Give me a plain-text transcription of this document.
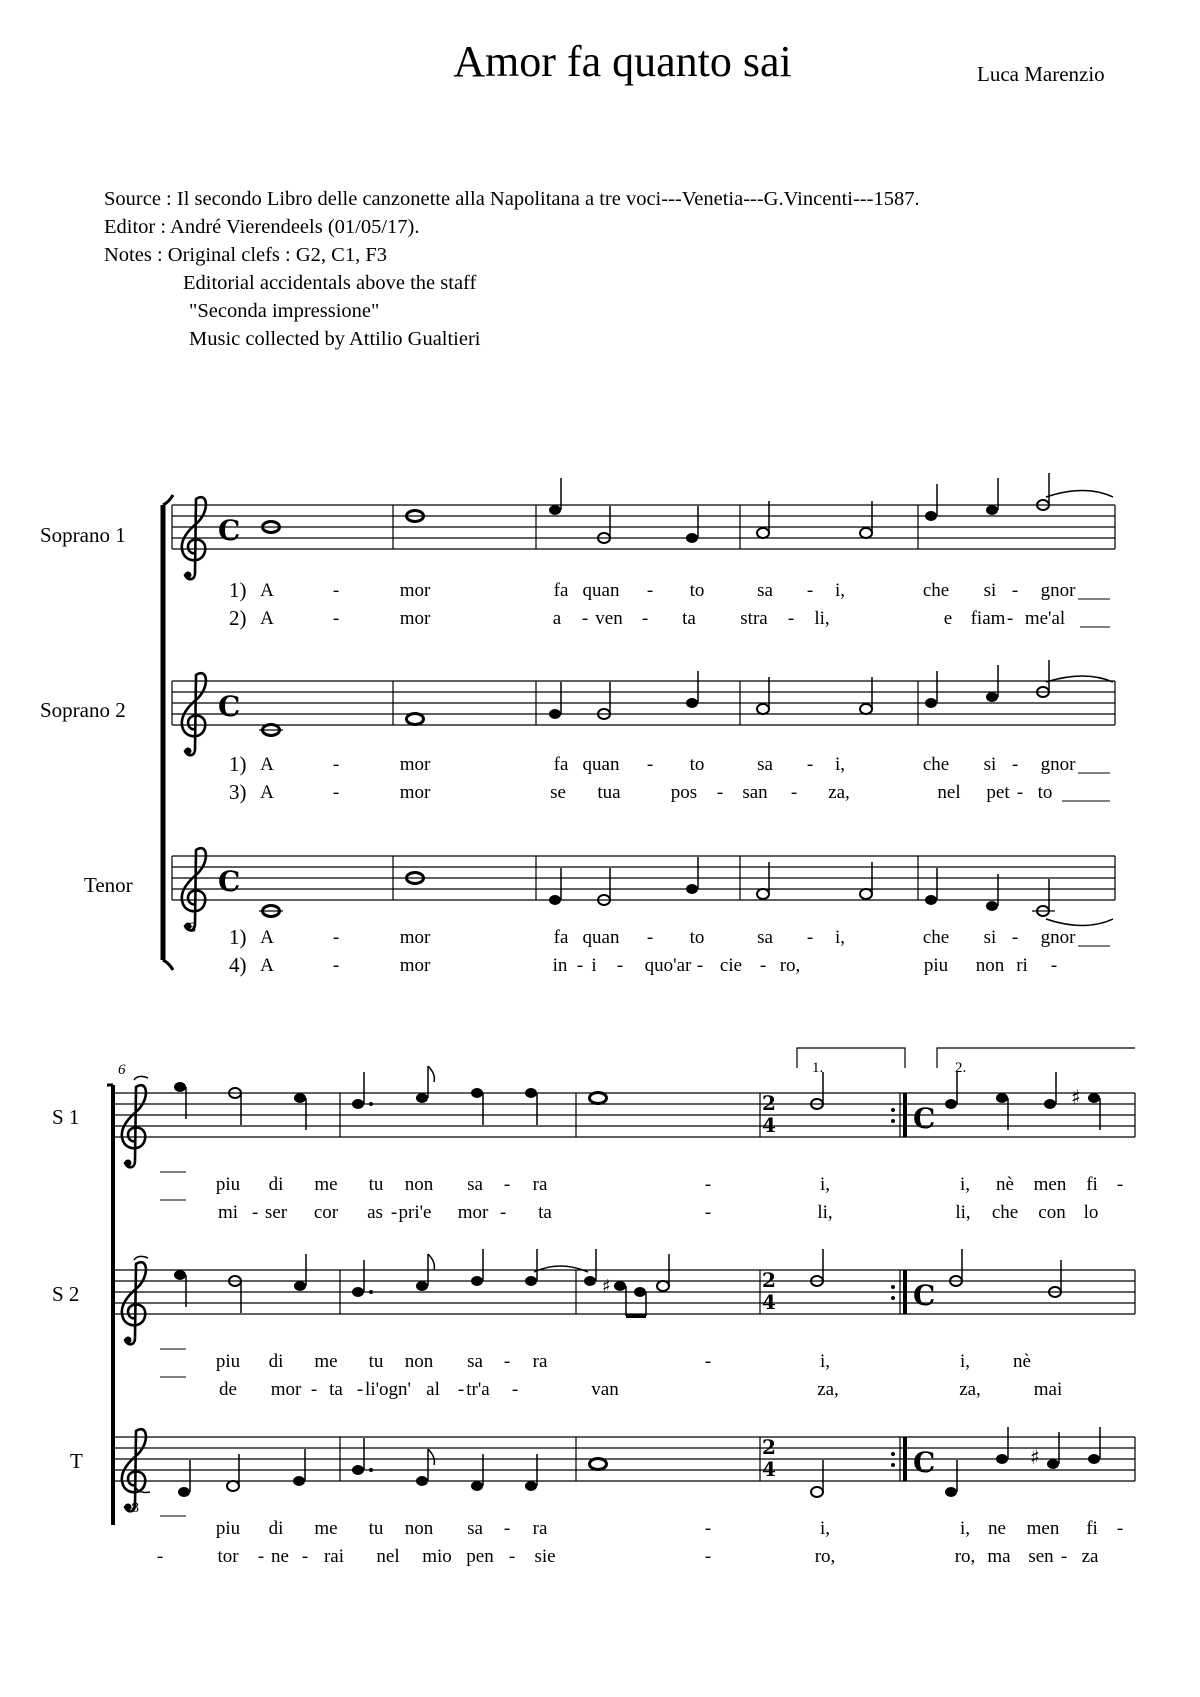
Amor fa quanto sai	Luca Marenzio
Source : Il secondo Libro delle canzonette alla Napolitana a tre voci---Venetia---G.Vincenti---1587.
Editor : André Vierendeels (01/05/17).
Notes : Original clefs : G2, C1, F3
Editorial accidentals above the staff
"Seconda impressione"
Music collected by Attilio Gualtieri
C
C
8
C
2
4	C
♯
♯	2
4	C
8
2
4	C	♯
Soprano 1
Soprano 2
Tenor
S 1
S 2
T
6	1.	2.
1)
2)
1)
3)
1)
4)
A	-	mor	fa quan - to	sa - i,	che si - gnor
A	-	mor	a - ven - ta stra - li,	e fiam - me'al
A	-	mor	fa quan - to	sa - i,	che si - gnor
A	-	mor	se tua	pos - san - za,	nel pet - to
A	-	mor	fa quan - to	sa - i,	che si - gnor
A	-	mor	in - i - quo'ar - cie - ro,	piu non ri -
piu di me tu non sa - ra	-	i,	i, nè men fi -
mi - ser cor as - pri'e mor - ta	-	li,	li, che con lo
piu di me tu non sa - ra	-	i,	i, nè
de mor - ta - li'ogn' al - tr'a -	van	za,	za,	mai
piu di me tu non sa - ra	-	i,	i, ne men fi -
-	tor - ne - rai nel mio pen - sie	-	ro,	ro, ma sen - za
